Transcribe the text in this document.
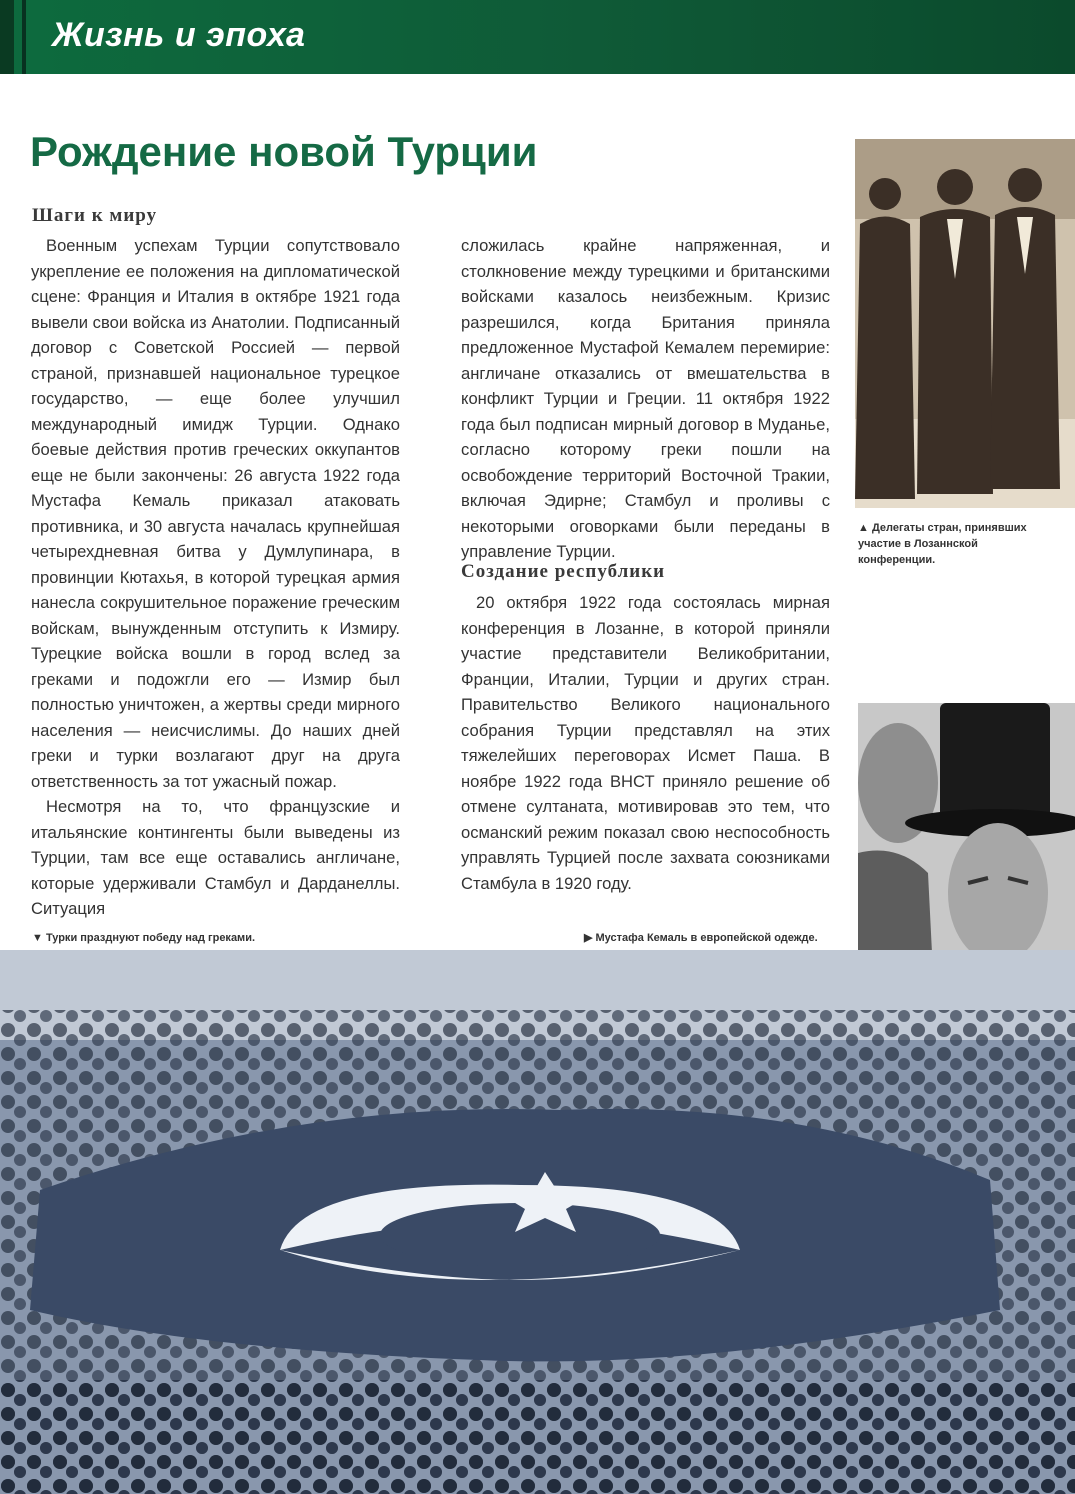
Жизнь и эпоха
Рождение новой Турции
Шаги к миру

Военным успехам Турции сопутствовало укрепление ее положения на дипломатической сцене: Франция и Италия в октябре 1921 года вывели свои войска из Анатолии. Подписанный договор с Советской Россией — первой страной, признавшей национальное турецкое государство, — еще более улучшил международный имидж Турции. Однако боевые действия против греческих оккупантов еще не были закончены: 26 августа 1922 года Мустафа Кемаль приказал атаковать противника, и 30 августа началась крупнейшая четырехдневная битва у Думлупинара, в провинции Кютахья, в которой турецкая армия нанесла сокрушительное поражение греческим войскам, вынужденным отступить к Измиру. Турецкие войска вошли в город вслед за греками и подожгли его — Измир был полностью уничтожен, а жертвы среди мирного населения — неисчислимы. До наших дней греки и турки возлагают друг на друга ответственность за тот ужасный пожар.

Несмотря на то, что французские и итальянские контингенты были выведены из Турции, там все еще оставались англичане, которые удерживали Стамбул и Дарданеллы. Ситуация

сложилась крайне напряженная, и столкновение между турецкими и британскими войсками казалось неизбежным. Кризис разрешился, когда Британия приняла предложенное Мустафой Кемалем перемирие: англичане отказались от вмешательства в конфликт Турции и Греции. 11 октября 1922 года был подписан мирный договор в Муданье, согласно которому греки пошли на освобождение территорий Восточной Тракии, включая Эдирне; Стамбул и проливы с некоторыми оговорками были переданы в управление Турции.

Создание республики

20 октября 1922 года состоялась мирная конференция в Лозанне, в которой приняли участие представители Великобритании, Франции, Италии, Турции и других стран. Правительство Великого национального собрания Турции представлял на этих тяжелейших переговорах Исмет Паша. В ноябре 1922 года ВНСТ приняло решение об отмене султаната, мотивировав это тем, что османский режим показал свою неспособность управлять Турцией после захвата союзниками Стамбула в 1920 году.

▲ Делегаты стран, принявших участие в Лозаннской конференции.
▶ Мустафа Кемаль в европейской одежде.
▼ Турки празднуют победу над греками.
